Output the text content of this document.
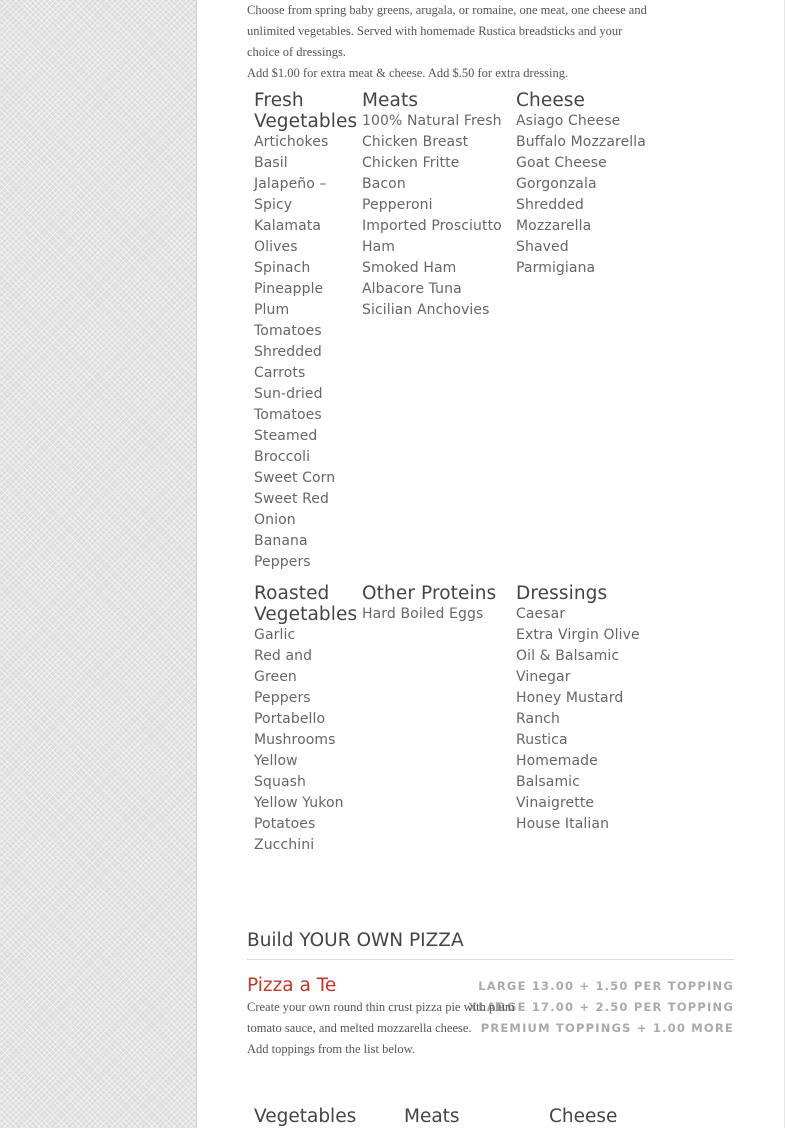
Choose from spring baby greens, arugala, or romaine, one meat, one cheese and unlimited vegetables. Served with homemade Rustica breadsticks and your choice of dressings.

Add $1.00 for extra meat & cheese. Add $.50 for extra dressing.

Fresh Vegetables
Artichokes
Basil
Jalapeño – Spicy
Kalamata Olives
Spinach
Pineapple
Plum Tomatoes
Shredded Carrots
Sun-dried Tomatoes
Steamed Broccoli
Sweet Corn
Sweet Red Onion
Banana Peppers
Meats
100% Natural Fresh Chicken Breast
Chicken Fritte
Bacon
Pepperoni
Imported Prosciutto Ham
Smoked Ham
Albacore Tuna
Sicilian Anchovies
Cheese
Asiago Cheese
Buffalo Mozzarella
Goat Cheese
Gorgonzala
Shredded Mozzarella
Shaved Parmigiana
Roasted Vegetables
Garlic
Red and Green Peppers
Portabello Mushrooms
Yellow Squash
Yellow Yukon Potatoes
Zucchini
Other Proteins
Hard Boiled Eggs
Dressings
Caesar
Extra Virgin Olive Oil & Balsamic Vinegar
Honey Mustard
Ranch
Rustica Homemade Balsamic Vinaigrette
House Italian
Build YOUR OWN PIZZA
Pizza a Te	LARGE 13.00 + 1.50 PER TOPPING
XLARGE 17.00 + 2.50 PER TOPPING
PREMIUM TOPPINGS + 1.00 MORE
Create your own round thin crust pizza pie with plum tomato sauce, and melted mozzarella cheese.
Add toppings from the list below.
Vegetables	Meats	Cheese
